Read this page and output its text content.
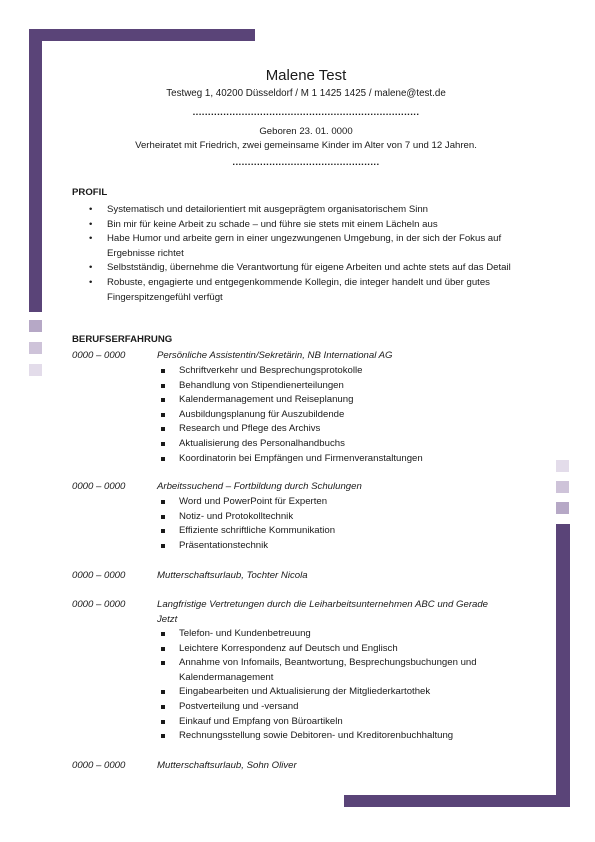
Malene Test
Testweg 1, 40200 Düsseldorf / M 1 1425 1425 / malene@test.de
..........................................................................
Geboren 23. 01. 0000
Verheiratet mit Friedrich, zwei gemeinsame Kinder im Alter von 7 und 12 Jahren.
................................................
PROFIL
• Systematisch und detailorientiert mit ausgeprägtem organisatorischem Sinn
• Bin mir für keine Arbeit zu schade – und führe sie stets mit einem Lächeln aus
• Habe Humor und arbeite gern in einer ungezwungenen Umgebung, in der sich der Fokus auf Ergebnisse richtet
• Selbstständig, übernehme die Verantwortung für eigene Arbeiten und achte stets auf das Detail
• Robuste, engagierte und entgegenkommende Kollegin, die integer handelt und über gutes Fingerspitzengefühl verfügt
BERUFSERFAHRUNG
0000 – 0000	Persönliche Assistentin/Sekretärin, NB International AG
Schriftverkehr und Besprechungsprotokolle
Behandlung von Stipendienerteilungen
Kalendermanagement und Reiseplanung
Ausbildungsplanung für Auszubildende
Research und Pflege des Archivs
Aktualisierung des Personalhandbuchs
Koordinatorin bei Empfängen und Firmenveranstaltungen
0000 – 0000	Arbeitssuchend – Fortbildung durch Schulungen
Word und PowerPoint für Experten
Notiz- und Protokolltechnik
Effiziente schriftliche Kommunikation
Präsentationstechnik
0000 – 0000	Mutterschaftsurlaub, Tochter Nicola
0000 – 0000	Langfristige Vertretungen durch die Leiharbeitsunternehmen ABC und Gerade Jetzt
Telefon- und Kundenbetreuung
Leichtere Korrespondenz auf Deutsch und Englisch
Annahme von Infomails, Beantwortung, Besprechungsbuchungen und Kalendermanagement
Eingabearbeiten und Aktualisierung der Mitgliederkartothek
Postverteilung und -versand
Einkauf und Empfang von Büroartikeln
Rechnungsstellung sowie Debitoren- und Kreditorenbuchhaltung
0000 – 0000	Mutterschaftsurlaub, Sohn Oliver
